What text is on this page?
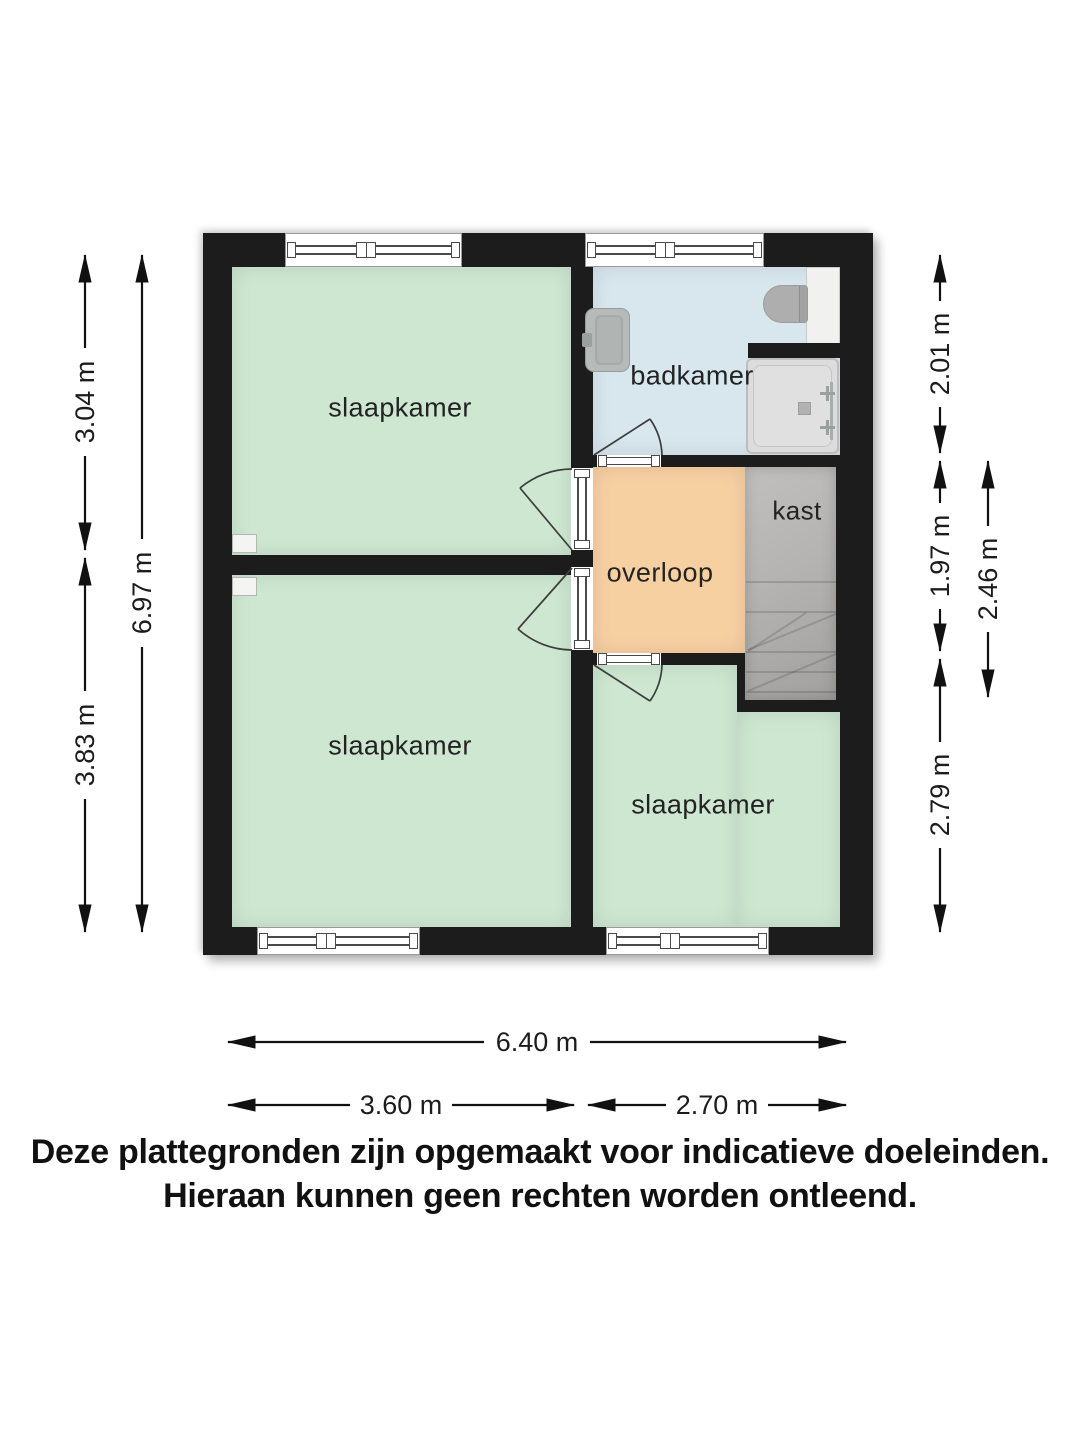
3.04 m
3.83 m
6.97 m
2.01 m
1.97 m
2.79 m
2.46 m
6.40 m
3.60 m	2.70 m
slaapkamer
slaapkamer
slaapkamer
badkamer
overloop
kast
Deze plattegronden zijn opgemaakt voor indicatieve doeleinden.
Hieraan kunnen geen rechten worden ontleend.
